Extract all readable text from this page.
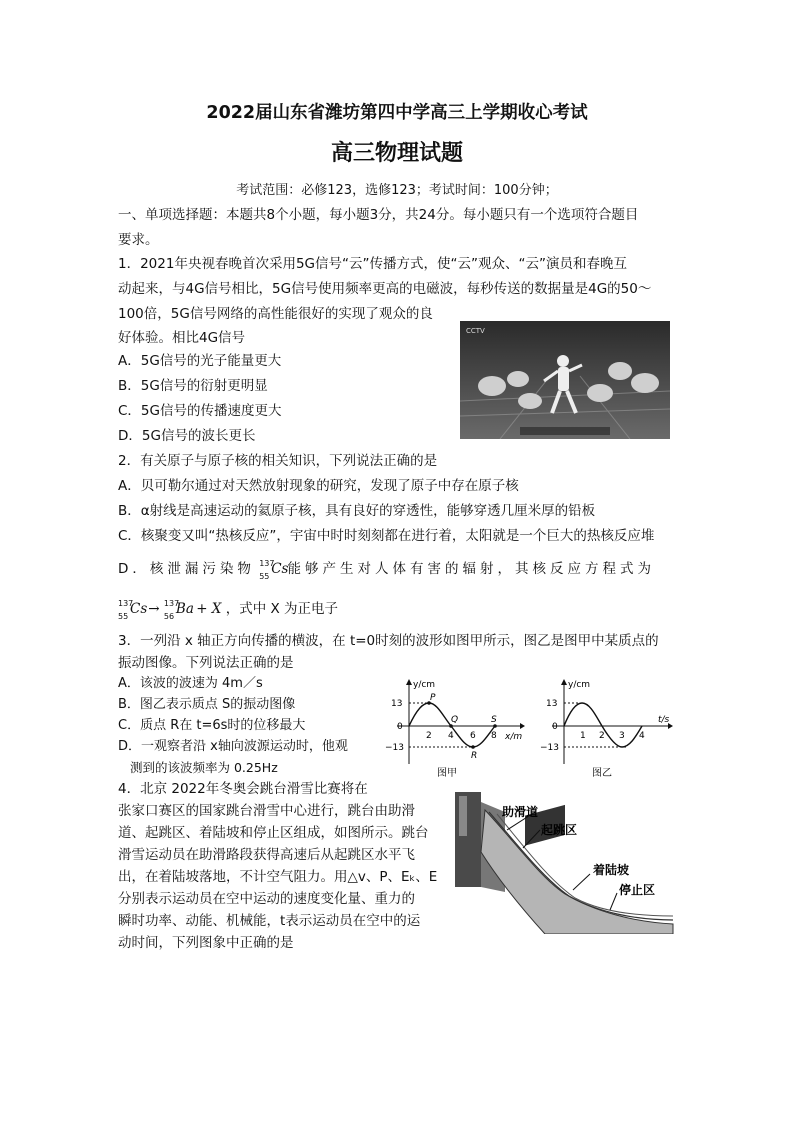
2022届山东省潍坊第四中学高三上学期收心考试
高三物理试题
考试范围：必修123，选修123；考试时间：100分钟；
一、单项选择题：本题共8个小题，每小题3分，共24分。每小题只有一个选项符合题目
要求。
1．2021年央视春晚首次采用5G信号“云”传播方式，使“云”观众、“云”演员和春晚互
动起来，与4G信号相比，5G信号使用频率更高的电磁波，每秒传送的数据量是4G的50～
100倍，5G信号网络的高性能很好的实现了观众的良
好体验。相比4G信号
A．5G信号的光子能量更大
B．5G信号的衍射更明显
C．5G信号的传播速度更大
D．5G信号的波长更长
CCTV
2．有关原子与原子核的相关知识，下列说法正确的是
A．贝可勒尔通过对天然放射现象的研究，发现了原子中存在原子核
B．α射线是高速运动的氦原子核，具有良好的穿透性，能够穿透几厘米厚的铅板
C．核聚变又叫“热核反应”，宇宙中时时刻刻都在进行着，太阳就是一个巨大的热核反应堆
D．核泄漏污染物 137
55 Cs 能够产生对人体有害的辐射，其核反应方程式为
137
55 Cs → 137
56 Ba + X ，式中 X 为正电子
3．一列沿 x 轴正方向传播的横波，在 t=0时刻的波形如图甲所示，图乙是图甲中某质点的
振动图像。下列说法正确的是
A．该波的波速为 4m／s
B．图乙表示质点 S的振动图像
C．质点 R在 t=6s时的位移最大
D．一观察者沿 x轴向波源运动时，他观
测到的该波频率为 0.25Hz
y/cm
x/m
13
−13
0
2 4 6 8
P
Q
R
S
图甲
y/cm
t/s
13
−13
0
1 2 3 4
图乙
4．北京 2022年冬奥会跳台滑雪比赛将在
张家口赛区的国家跳台滑雪中心进行，跳台由助滑
道、起跳区、着陆坡和停止区组成，如图所示。跳台
滑雪运动员在助滑路段获得高速后从起跳区水平飞
出，在着陆坡落地，不计空气阻力。用△v、P、Eₖ、E
分别表示运动员在空中运动的速度变化量、重力的
瞬时功率、动能、机械能，t表示运动员在空中的运
动时间，下列图象中正确的是
助滑道
起跳区
着陆坡
停止区
